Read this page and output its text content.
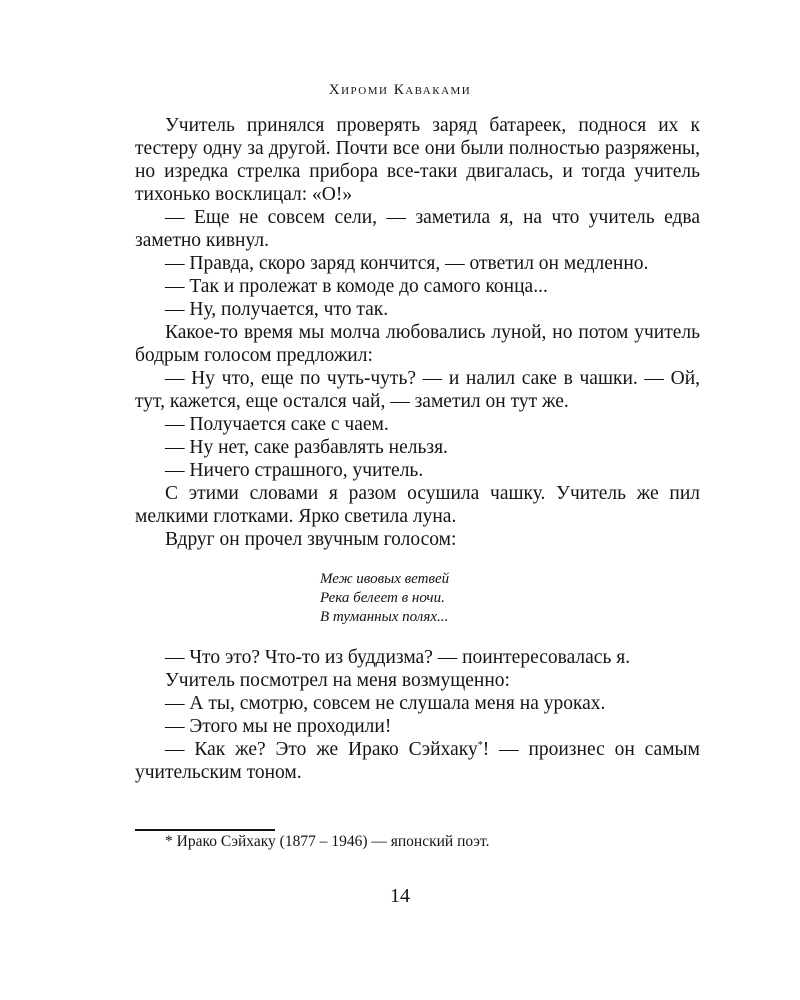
Хироми Каваками

Учитель принялся проверять заряд батареек, поднося их к тестеру одну за другой. Почти все они были полностью разряжены, но изредка стрелка прибора все-таки двигалась, и тогда учитель тихонько восклицал: «О!»

— Еще не совсем сели, — заметила я, на что учитель едва заметно кивнул.

— Правда, скоро заряд кончится, — ответил он медленно.

— Так и пролежат в комоде до самого конца...

— Ну, получается, что так.

Какое-то время мы молча любовались луной, но потом учитель бодрым голосом предложил:

— Ну что, еще по чуть-чуть? — и налил саке в чашки. — Ой, тут, кажется, еще остался чай, — заметил он тут же.

— Получается саке с чаем.

— Ну нет, саке разбавлять нельзя.

— Ничего страшного, учитель.

С этими словами я разом осушила чашку. Учитель же пил мелкими глотками. Ярко светила луна.

Вдруг он прочел звучным голосом:

Меж ивовых ветвей
Река белеет в ночи.
В туманных полях...

— Что это? Что-то из буддизма? — поинтересовалась я.

Учитель посмотрел на меня возмущенно:

— А ты, смотрю, совсем не слушала меня на уроках.

— Этого мы не проходили!

— Как же? Это же Ирако Сэйхаку*! — произнес он самым учительским тоном.

* Ирако Сэйхаку (1877 – 1946) — японский поэт.
14
